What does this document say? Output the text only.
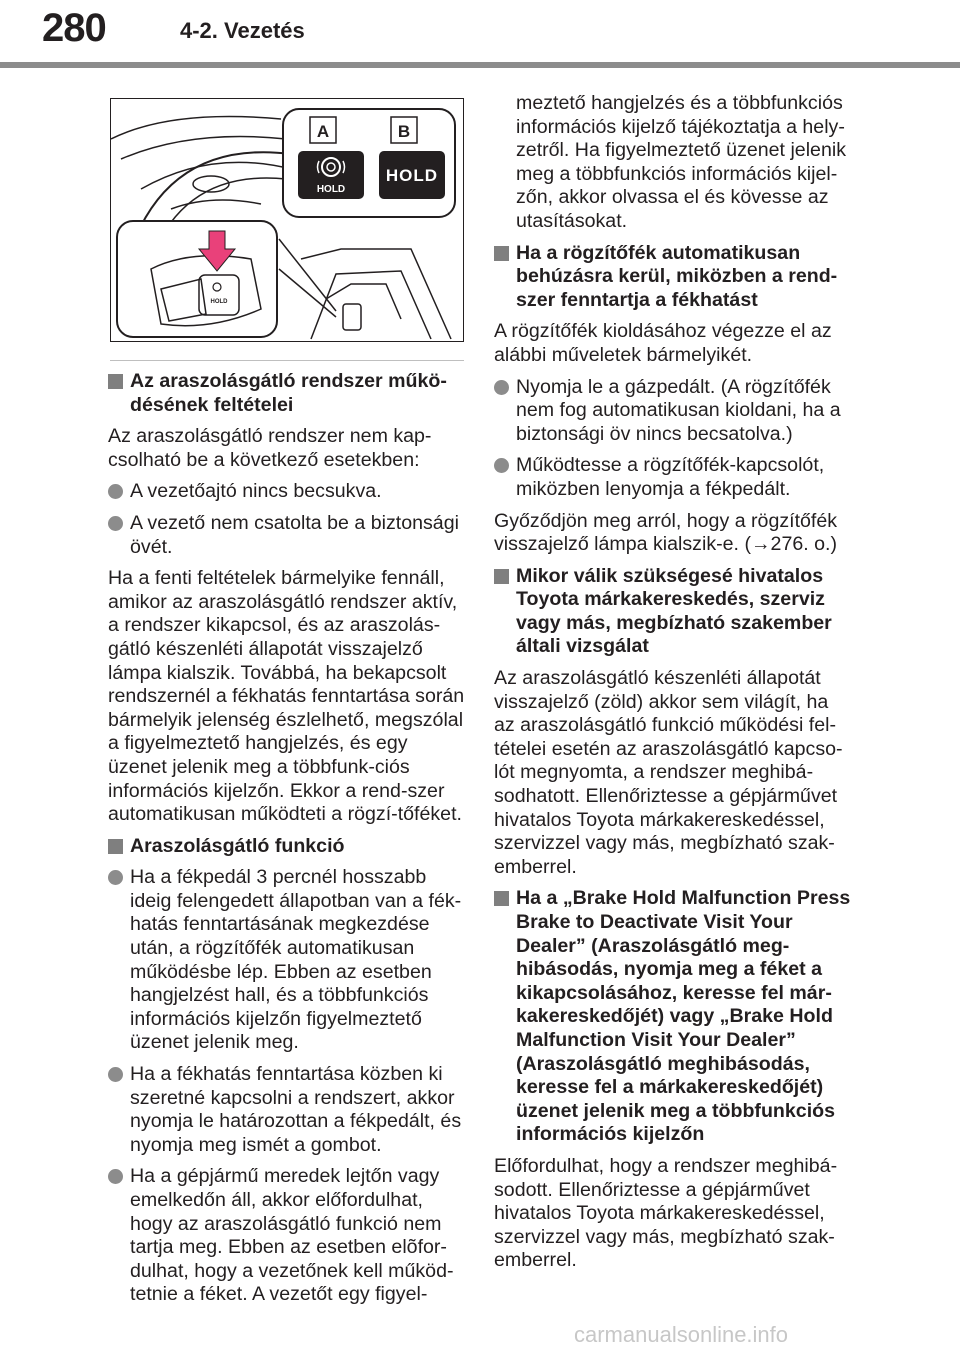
280	4-2. Vezetés
A	B
HOLD
HOLD
HOLD
Az araszolásgátló rendszer műkö-désének feltételei

Az araszolásgátló rendszer nem kap-csolható be a következő esetekben:

A vezetőajtó nincs becsukva.
A vezető nem csatolta be a biztonsági övét.

Ha a fenti feltételek bármelyike fennáll, amikor az araszolásgátló rendszer aktív, a rendszer kikapcsol, és az araszolás-gátló készenléti állapotát visszajelző lámpa kialszik. Továbbá, ha bekapcsolt rendszernél a fékhatás fenntartása során bármelyik jelenség észlelhető, megszólal a figyelmeztető hangjelzés, és egy üzenet jelenik meg a többfunk-ciós információs kijelzőn. Ekkor a rend-szer automatikusan működteti a rögzí-tőféket.

Araszolásgátló funkció
Ha a fékpedál 3 percnél hosszabb ideig felengedett állapotban van a fék-hatás fenntartásának megkezdése után, a rögzítőfék automatikusan működésbe lép. Ebben az esetben hangjelzést hall, és a többfunkciós információs kijelzőn figyelmeztető üzenet jelenik meg.
Ha a fékhatás fenntartása közben ki szeretné kapcsolni a rendszert, akkor nyomja le határozottan a fékpedált, és nyomja meg ismét a gombot.
Ha a gépjármű meredek lejtőn vagy emelkedőn áll, akkor előfordulhat, hogy az araszolásgátló funkció nem tartja meg. Ebben az esetben elõfor-dulhat, hogy a vezetőnek kell működ-tetnie a féket. A vezetőt egy figyel-

meztető hangjelzés és a többfunkciós információs kijelző tájékoztatja a hely-zetről. Ha figyelmeztető üzenet jelenik meg a többfunkciós információs kijel-zőn, akkor olvassa el és kövesse az utasításokat.

Ha a rögzítőfék automatikusan behúzásra kerül, miközben a rend-szer fenntartja a fékhatást

A rögzítőfék kioldásához végezze el az alábbi műveletek bármelyikét.

Nyomja le a gázpedált. (A rögzítőfék nem fog automatikusan kioldani, ha a biztonsági öv nincs becsatolva.)
Működtesse a rögzítőfék-kapcsolót, miközben lenyomja a fékpedált.

Győződjön meg arról, hogy a rögzítőfék visszajelző lámpa kialszik-e. (→276. o.)

Mikor válik szükségesé hivatalos Toyota márkakereskedés, szerviz vagy más, megbízható szakember általi vizsgálat

Az araszolásgátló készenléti állapotát visszajelző (zöld) akkor sem világít, ha az araszolásgátló funkció működési fel-tételei esetén az araszolásgátló kapcso-lót megnyomta, a rendszer meghibá-sodhatott. Ellenőriztesse a gépjárművet hivatalos Toyota márkakereskedéssel, szervizzel vagy más, megbízható szak-emberrel.

Ha a „Brake Hold Malfunction Press Brake to Deactivate Visit Your Dealer” (Araszolásgátló meg-hibásodás, nyomja meg a féket a kikapcsolásához, keresse fel már-kakereskedőjét) vagy „Brake Hold Malfunction Visit Your Dealer” (Araszolásgátló meghibásodás, keresse fel a márkakereskedőjét) üzenet jelenik meg a többfunkciós információs kijelzőn

Előfordulhat, hogy a rendszer meghibá-sodott. Ellenőriztesse a gépjárművet hivatalos Toyota márkakereskedéssel, szervizzel vagy más, megbízható szak-emberrel.

carmanualsonline.info
